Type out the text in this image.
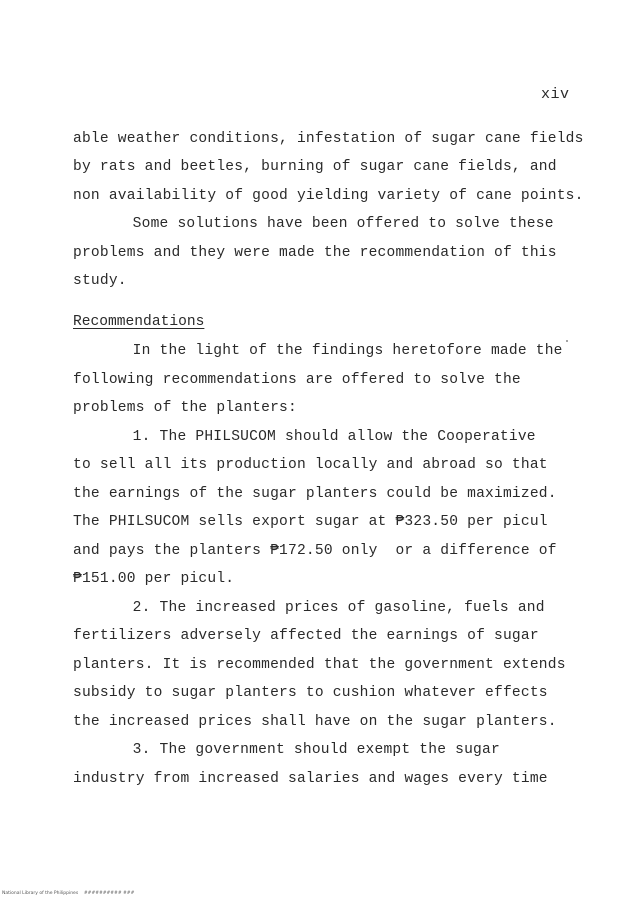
xiv
able weather conditions, infestation of sugar cane fields
by rats and beetles, burning of sugar cane fields, and
non availability of good yielding variety of cane points.
Some solutions have been offered to solve these
problems and they were made the recommendation of this
study.
Recommendations
In the light of the findings heretofore made the
following recommendations are offered to solve the
problems of the planters:
1. The PHILSUCOM should allow the Cooperative
to sell all its production locally and abroad so that
the earnings of the sugar planters could be maximized.
The PHILSUCOM sells export sugar at ₱323.50 per picul
and pays the planters ₱172.50 only  or a difference of
₱151.00 per picul.
2. The increased prices of gasoline, fuels and
fertilizers adversely affected the earnings of sugar
planters. It is recommended that the government extends
subsidy to sugar planters to cushion whatever effects
the increased prices shall have on the sugar planters.
3. The government should exempt the sugar
industry from increased salaries and wages every time
National Library of the Philippines    ########## ###
